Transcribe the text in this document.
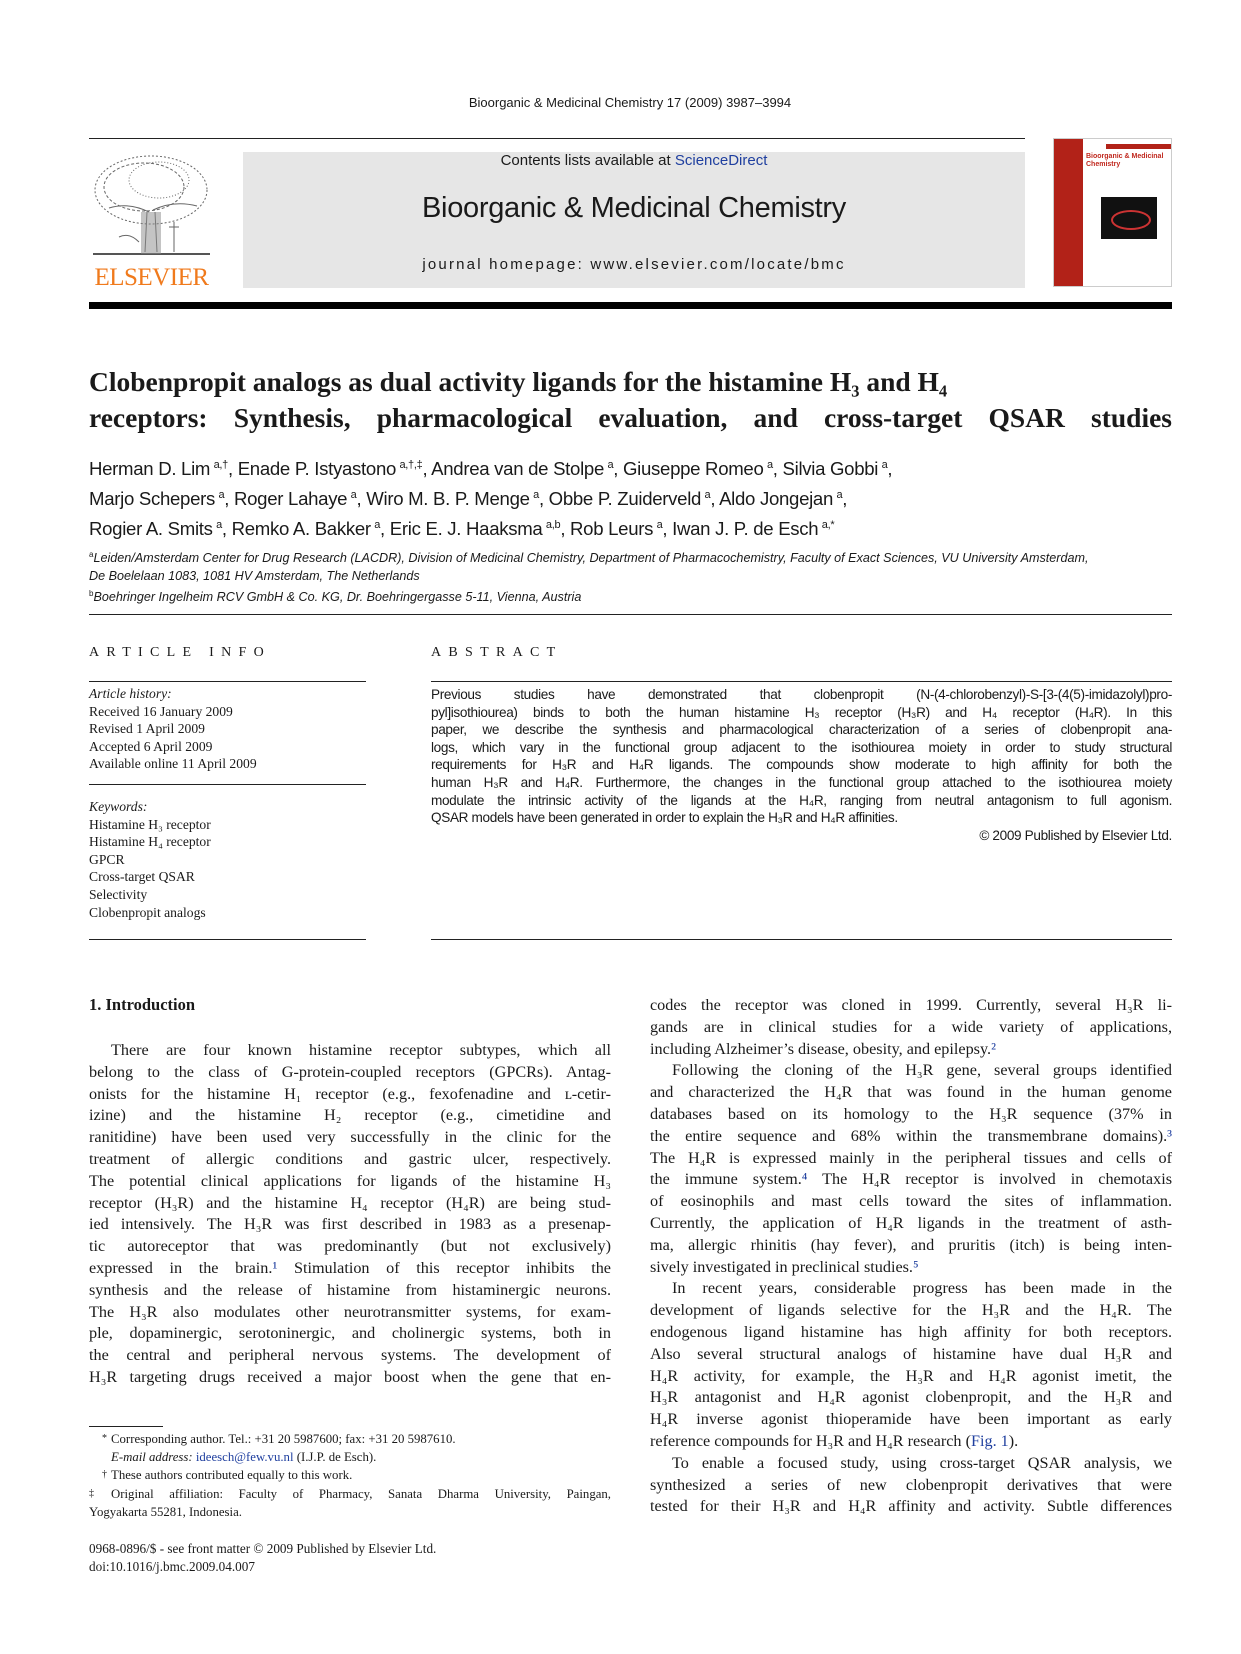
Bioorganic & Medicinal Chemistry 17 (2009) 3987–3994
ELSEVIER
Contents lists available at ScienceDirect
Bioorganic & Medicinal Chemistry
journal homepage: www.elsevier.com/locate/bmc
Bioorganic & Medicinal Chemistry
Clobenpropit analogs as dual activity ligands for the histamine H₃ and H₄
receptors: Synthesis, pharmacological evaluation, and cross-target QSAR studies
Herman D. Lim  $^{a,\dagger}$, Enade P. Istyastono  $^{a,\dagger,\ddagger}$, Andrea van de Stolpe  $^a$, Giuseppe Romeo  $^a$, Silvia Gobbi  $^a$,
Marjo Schepers  $^a$, Roger Lahaye  $^a$, Wiro M. B. P. Menge  $^a$, Obbe P. Zuiderveld  $^a$, Aldo Jongejan  $^a$,
Rogier A. Smits  $^a$, Remko A. Bakker  $^a$, Eric E. J. Haaksma  $^{a,b}$, Rob Leurs  $^a$, Iwan J. P. de Esch  $^{a,*}$
$^a$Leiden/Amsterdam Center for Drug Research (LACDR), Division of Medicinal Chemistry, Department of Pharmacochemistry, Faculty of Exact Sciences, VU University Amsterdam,
De Boelelaan 1083, 1081 HV Amsterdam, The Netherlands
$^b$Boehringer Ingelheim RCV GmbH & Co. KG, Dr. Boehringergasse 5-11, Vienna, Austria
ARTICLE INFO	ABSTRACT
Article history:
Received 16 January 2009
Revised 1 April 2009
Accepted 6 April 2009
Available online 11 April 2009
Keywords:
Histamine H₃ receptor
Histamine H₄ receptor
GPCR
Cross-target QSAR
Selectivity
Clobenpropit analogs
Previous studies have demonstrated that clobenpropit (N-(4-chlorobenzyl)-S-[3-(4(5)-imidazolyl)pro-
pyl]isothiourea) binds to both the human histamine H₃ receptor (H₃R) and H₄ receptor (H₄R). In this
paper, we describe the synthesis and pharmacological characterization of a series of clobenpropit ana-
logs, which vary in the functional group adjacent to the isothiourea moiety in order to study structural
requirements for H₃R and H₄R ligands. The compounds show moderate to high affinity for both the
human H₃R and H₄R. Furthermore, the changes in the functional group attached to the isothiourea moiety
modulate the intrinsic activity of the ligands at the H₄R, ranging from neutral antagonism to full agonism.
QSAR models have been generated in order to explain the H₃R and H₄R affinities.
© 2009 Published by Elsevier Ltd.
1. Introduction
There are four known histamine receptor subtypes, which all
belong to the class of G-protein-coupled receptors (GPCRs). Antag-
onists for the histamine H₁ receptor (e.g., fexofenadine and ʟ-cetir-
izine) and the histamine H₂ receptor (e.g., cimetidine and
ranitidine) have been used very successfully in the clinic for the
treatment of allergic conditions and gastric ulcer, respectively.
The potential clinical applications for ligands of the histamine H₃
receptor (H₃R) and the histamine H₄ receptor (H₄R) are being stud-
ied intensively. The H₃R was first described in 1983 as a presenap-
tic autoreceptor that was predominantly (but not exclusively)
expressed in the brain.¹ Stimulation of this receptor inhibits the
synthesis and the release of histamine from histaminergic neurons.
The H₃R also modulates other neurotransmitter systems, for exam-
ple, dopaminergic, serotoninergic, and cholinergic systems, both in
the central and peripheral nervous systems. The development of
H₃R targeting drugs received a major boost when the gene that en-
codes the receptor was cloned in 1999. Currently, several H₃R li-
gands are in clinical studies for a wide variety of applications,
including Alzheimer’s disease, obesity, and epilepsy.²
Following the cloning of the H₃R gene, several groups identified
and characterized the H₄R that was found in the human genome
databases based on its homology to the H₃R sequence (37% in
the entire sequence and 68% within the transmembrane domains).³
The H₄R is expressed mainly in the peripheral tissues and cells of
the immune system.⁴ The H₄R receptor is involved in chemotaxis
of eosinophils and mast cells toward the sites of inflammation.
Currently, the application of H₄R ligands in the treatment of asth-
ma, allergic rhinitis (hay fever), and pruritis (itch) is being inten-
sively investigated in preclinical studies.⁵
In recent years, considerable progress has been made in the
development of ligands selective for the H₃R and the H₄R. The
endogenous ligand histamine has high affinity for both receptors.
Also several structural analogs of histamine have dual H₃R and
H₄R activity, for example, the H₃R and H₄R agonist imetit, the
H₃R antagonist and H₄R agonist clobenpropit, and the H₃R and
H₄R inverse agonist thioperamide have been important as early
reference compounds for H₃R and H₄R research (Fig. 1).
To enable a focused study, using cross-target QSAR analysis, we
synthesized a series of new clobenpropit derivatives that were
tested for their H₃R and H₄R affinity and activity. Subtle differences
* Corresponding author. Tel.: +31 20 5987600; fax: +31 20 5987610.
E-mail address: ideesch@few.vu.nl (I.J.P. de Esch).
† These authors contributed equally to this work.
‡ Original affiliation: Faculty of Pharmacy, Sanata Dharma University, Paingan,
Yogyakarta 55281, Indonesia.
0968-0896/$ - see front matter © 2009 Published by Elsevier Ltd.
doi:10.1016/j.bmc.2009.04.007
